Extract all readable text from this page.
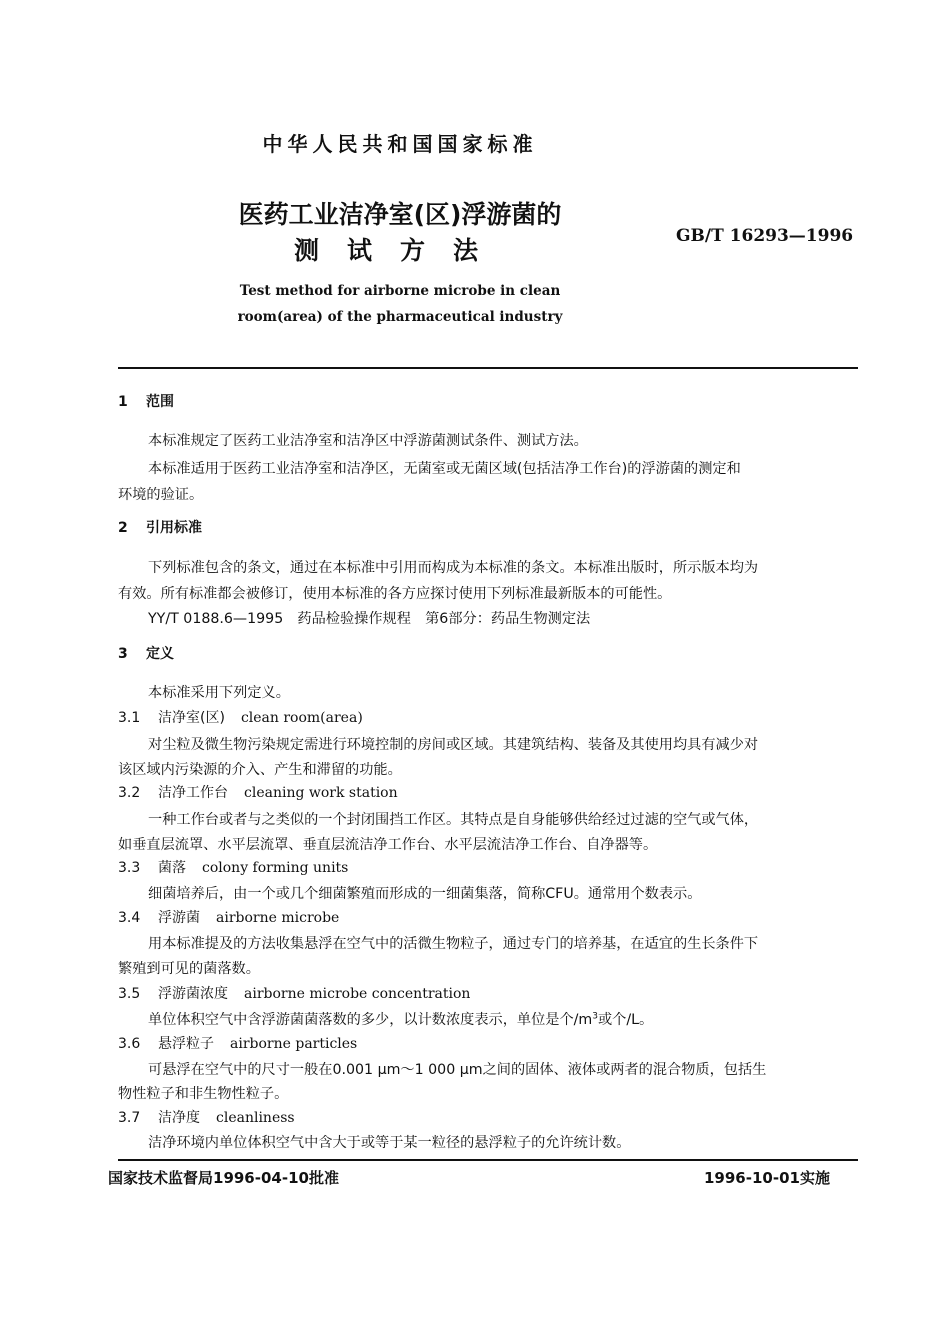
中华人民共和国国家标准
医药工业洁净室(区)浮游菌的
测试方法	GB/T 16293—1996
Test method for airborne microbe in clean
room(area) of the pharmaceutical industry
1 范围
本标准规定了医药工业洁净室和洁净区中浮游菌测试条件、测试方法。
本标准适用于医药工业洁净室和洁净区，无菌室或无菌区域(包括洁净工作台)的浮游菌的测定和
环境的验证。
2 引用标准
下列标准包含的条文，通过在本标准中引用而构成为本标准的条文。本标准出版时，所示版本均为
有效。所有标准都会被修订，使用本标准的各方应探讨使用下列标准最新版本的可能性。
YY/T 0188.6—1995　药品检验操作规程　第6部分：药品生物测定法
3 定义
本标准采用下列定义。
3.1 洁净室(区) clean room(area)
对尘粒及微生物污染规定需进行环境控制的房间或区域。其建筑结构、装备及其使用均具有减少对
该区域内污染源的介入、产生和滞留的功能。
3.2 洁净工作台 cleaning work station
一种工作台或者与之类似的一个封闭围挡工作区。其特点是自身能够供给经过过滤的空气或气体，
如垂直层流罩、水平层流罩、垂直层流洁净工作台、水平层流洁净工作台、自净器等。
3.3 菌落 colony forming units
细菌培养后，由一个或几个细菌繁殖而形成的一细菌集落，简称CFU。通常用个数表示。
3.4 浮游菌 airborne microbe
用本标准提及的方法收集悬浮在空气中的活微生物粒子，通过专门的培养基，在适宜的生长条件下
繁殖到可见的菌落数。
3.5 浮游菌浓度 airborne microbe concentration
单位体积空气中含浮游菌菌落数的多少，以计数浓度表示，单位是个$/m^3$或个/L。
3.6 悬浮粒子 airborne particles
可悬浮在空气中的尺寸一般在0.001 μm～1 000 μm之间的固体、液体或两者的混合物质，包括生
物性粒子和非生物性粒子。
3.7 洁净度 cleanliness
洁净环境内单位体积空气中含大于或等于某一粒径的悬浮粒子的允许统计数。
国家技术监督局1996-04-10批准	1996-10-01实施
